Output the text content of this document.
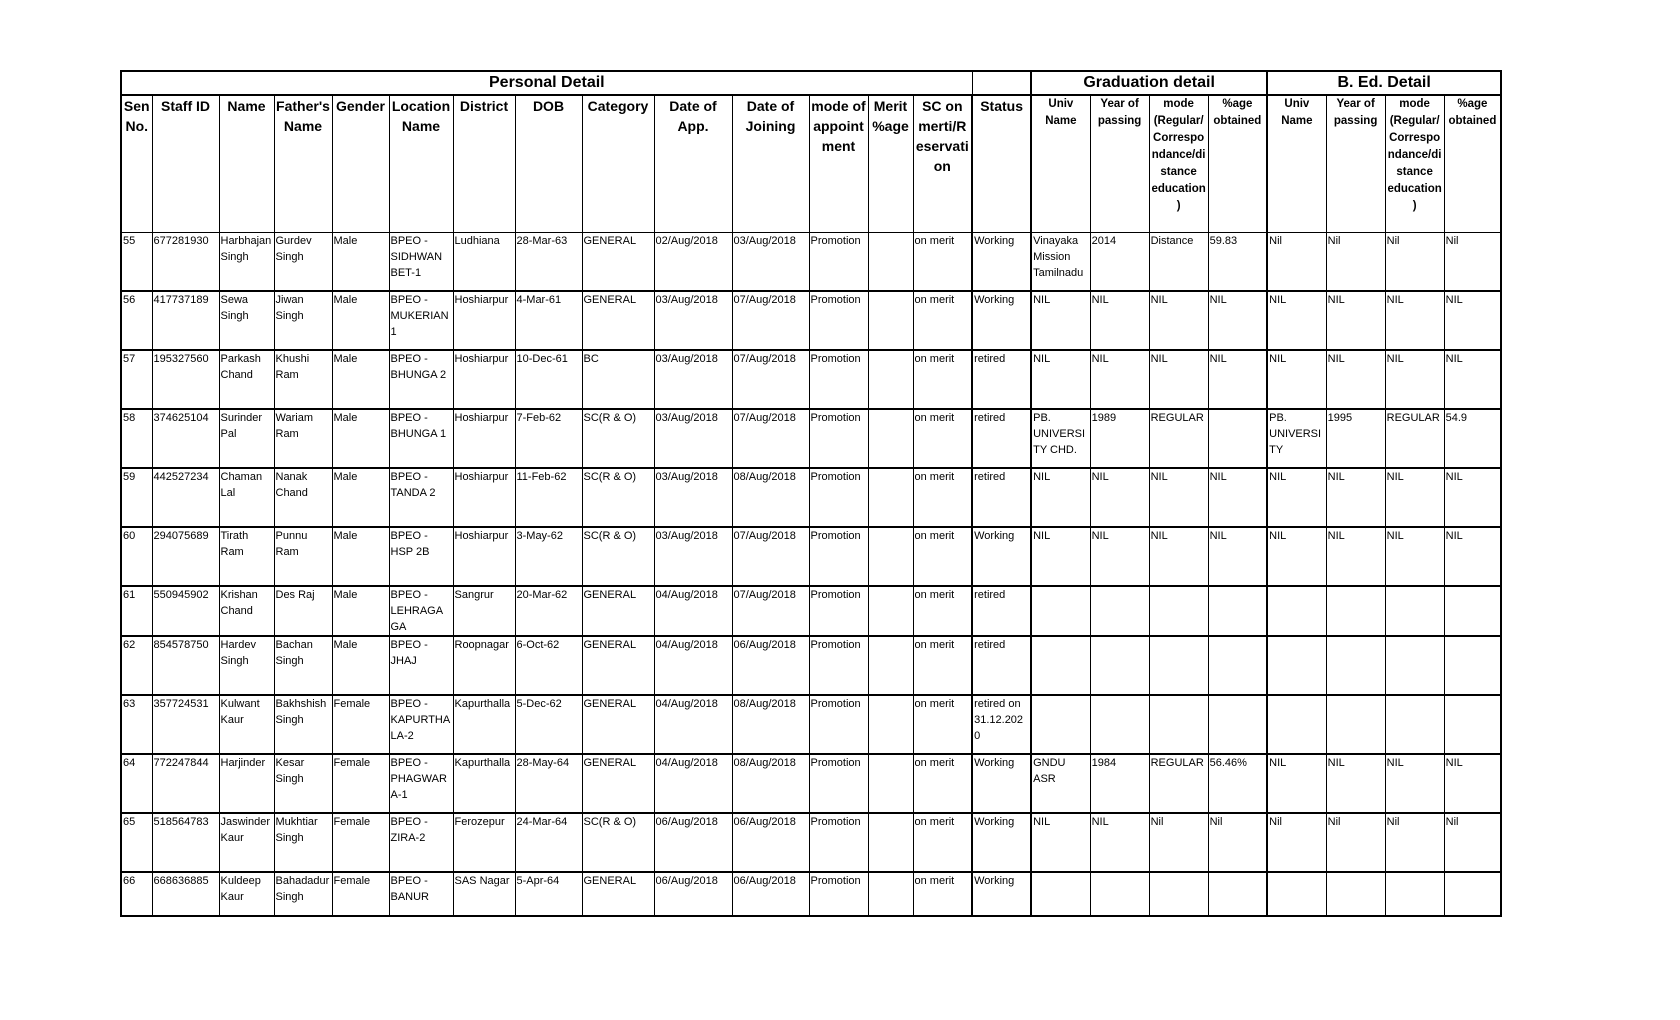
Personal Detail															Graduation detail				B. Ed. Detail			
Sen No.	Staff ID	Name	Father's Name	Gender	Location Name	District	DOB	Category	Date of App.	Date of Joining	mode of appointment	Merit %age	SC on merti/Reservation	Status	Univ Name	Year of passing	mode (Regular/Correspondance/distance education)	%age obtained	Univ Name	Year of passing	mode (Regular/Correspondance/distance education)	%age obtained
55	677281930	Harbhajan Singh	Gurdev Singh	Male	BPEO - SIDHWAN BET-1	Ludhiana	28-Mar-63	GENERAL	02/Aug/2018	03/Aug/2018	Promotion		on merit	Working	Vinayaka Mission Tamilnadu	2014	Distance	59.83	Nil	Nil	Nil	Nil
56	417737189	Sewa Singh	Jiwan Singh	Male	BPEO - MUKERIAN 1	Hoshiarpur	4-Mar-61	GENERAL	03/Aug/2018	07/Aug/2018	Promotion		on merit	Working	NIL	NIL	NIL	NIL	NIL	NIL	NIL	NIL
57	195327560	Parkash Chand	Khushi Ram	Male	BPEO - BHUNGA 2	Hoshiarpur	10-Dec-61	BC	03/Aug/2018	07/Aug/2018	Promotion		on merit	retired	NIL	NIL	NIL	NIL	NIL	NIL	NIL	NIL
58	374625104	Surinder Pal	Wariam Ram	Male	BPEO - BHUNGA 1	Hoshiarpur	7-Feb-62	SC(R & O)	03/Aug/2018	07/Aug/2018	Promotion		on merit	retired	PB. UNIVERSITY CHD.	1989	REGULAR		PB. UNIVERSITY	1995	REGULAR	54.9
59	442527234	Chaman Lal	Nanak Chand	Male	BPEO - TANDA 2	Hoshiarpur	11-Feb-62	SC(R & O)	03/Aug/2018	08/Aug/2018	Promotion		on merit	retired	NIL	NIL	NIL	NIL	NIL	NIL	NIL	NIL
60	294075689	Tirath Ram	Punnu Ram	Male	BPEO - HSP 2B	Hoshiarpur	3-May-62	SC(R & O)	03/Aug/2018	07/Aug/2018	Promotion		on merit	Working	NIL	NIL	NIL	NIL	NIL	NIL	NIL	NIL
61	550945902	Krishan Chand	Des Raj	Male	BPEO - LEHRAGAGA	Sangrur	20-Mar-62	GENERAL	04/Aug/2018	07/Aug/2018	Promotion		on merit	retired								
62	854578750	Hardev Singh	Bachan Singh	Male	BPEO - JHAJ	Roopnagar	6-Oct-62	GENERAL	04/Aug/2018	06/Aug/2018	Promotion		on merit	retired								
63	357724531	Kulwant Kaur	Bakhshish Singh	Female	BPEO - KAPURTHALA-2	Kapurthalla	5-Dec-62	GENERAL	04/Aug/2018	08/Aug/2018	Promotion		on merit	retired on 31.12.2020								
64	772247844	Harjinder	Kesar Singh	Female	BPEO - PHAGWARA-1	Kapurthalla	28-May-64	GENERAL	04/Aug/2018	08/Aug/2018	Promotion		on merit	Working	GNDU ASR	1984	REGULAR	56.46%	NIL	NIL	NIL	NIL
65	518564783	Jaswinder Kaur	Mukhtiar Singh	Female	BPEO - ZIRA-2	Ferozepur	24-Mar-64	SC(R & O)	06/Aug/2018	06/Aug/2018	Promotion		on merit	Working	NIL	NIL	Nil	Nil	Nil	Nil	Nil	Nil
66	668636885	Kuldeep Kaur	Bahadadur Singh	Female	BPEO - BANUR	SAS Nagar	5-Apr-64	GENERAL	06/Aug/2018	06/Aug/2018	Promotion		on merit	Working								
